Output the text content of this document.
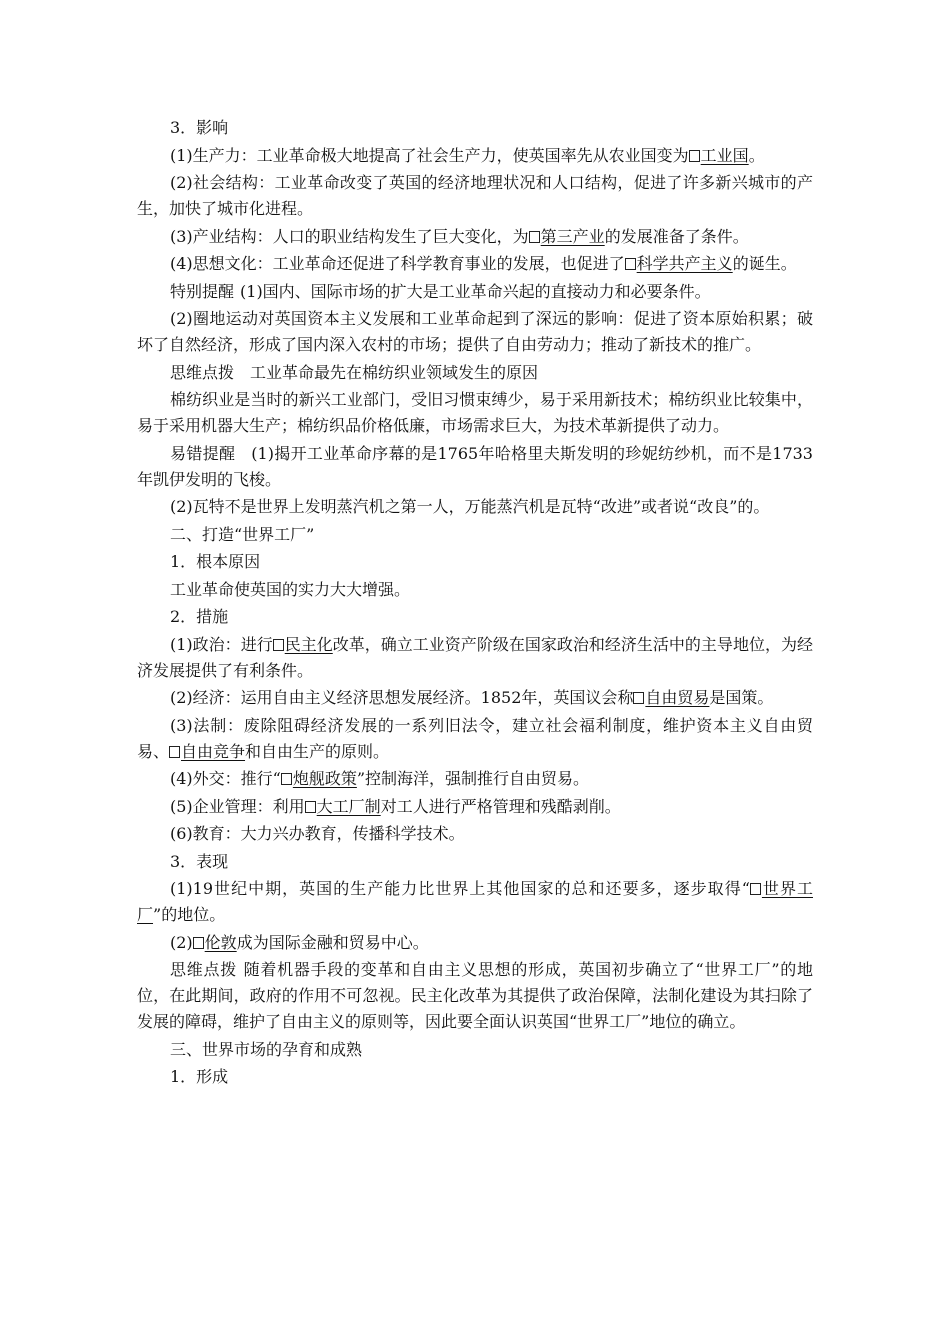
3．影响

(1)生产力：工业革命极大地提高了社会生产力，使英国率先从农业国变为 工业国。

(2)社会结构：工业革命改变了英国的经济地理状况和人口结构，促进了许多新兴城市的产生，加快了城市化进程。

(3)产业结构：人口的职业结构发生了巨大变化，为 第三产业的发展准备了条件。

(4)思想文化：工业革命还促进了科学教育事业的发展，也促进了 科学共产主义的诞生。

特别提醒 (1)国内、国际市场的扩大是工业革命兴起的直接动力和必要条件。

(2)圈地运动对英国资本主义发展和工业革命起到了深远的影响：促进了资本原始积累；破坏了自然经济，形成了国内深入农村的市场；提供了自由劳动力；推动了新技术的推广。

思维点拨 工业革命最先在棉纺织业领域发生的原因

棉纺织业是当时的新兴工业部门，受旧习惯束缚少，易于采用新技术；棉纺织业比较集中，易于采用机器大生产；棉纺织品价格低廉，市场需求巨大，为技术革新提供了动力。

易错提醒 (1)揭开工业革命序幕的是1765年哈格里夫斯发明的珍妮纺纱机，而不是1733年凯伊发明的飞梭。

(2)瓦特不是世界上发明蒸汽机之第一人，万能蒸汽机是瓦特“改进”或者说“改良”的。

二、打造“世界工厂”

1．根本原因

工业革命使英国的实力大大增强。

2．措施

(1)政治：进行 民主化改革，确立工业资产阶级在国家政治和经济生活中的主导地位，为经济发展提供了有利条件。

(2)经济：运用自由主义经济思想发展经济。1852年，英国议会称 自由贸易是国策。

(3)法制：废除阻碍经济发展的一系列旧法令，建立社会福利制度，维护资本主义自由贸易、 自由竞争和自由生产的原则。

(4)外交：推行“ 炮舰政策”控制海洋，强制推行自由贸易。

(5)企业管理：利用 大工厂制对工人进行严格管理和残酷剥削。

(6)教育：大力兴办教育，传播科学技术。

3．表现

(1)19世纪中期，英国的生产能力比世界上其他国家的总和还要多，逐步取得“ 世界工厂”的地位。

(2) 伦敦成为国际金融和贸易中心。

思维点拨 随着机器手段的变革和自由主义思想的形成，英国初步确立了“世界工厂”的地位，在此期间，政府的作用不可忽视。民主化改革为其提供了政治保障，法制化建设为其扫除了发展的障碍，维护了自由主义的原则等，因此要全面认识英国“世界工厂”地位的确立。

三、世界市场的孕育和成熟

1．形成
